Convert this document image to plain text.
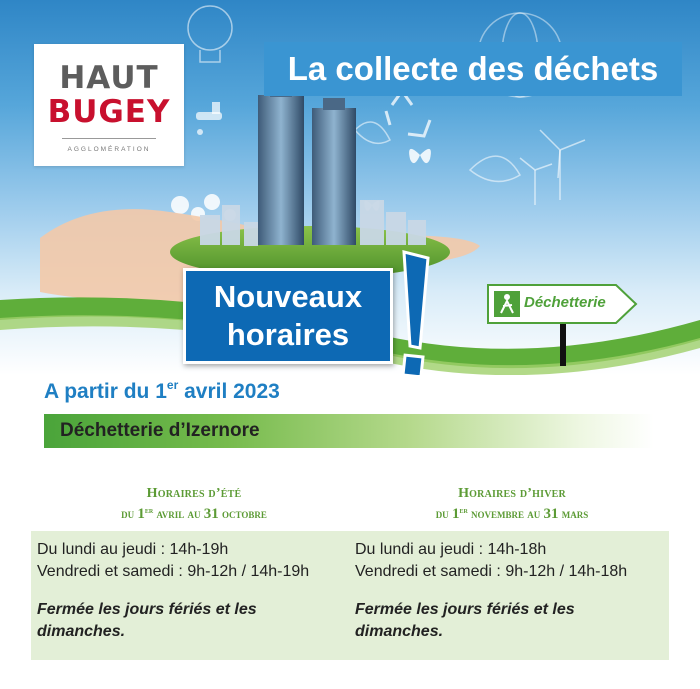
HAUT
BUGEY
AGGLOMÉRATION
La collecte des déchets
Nouveaux
horaires
Déchetterie
A partir du 1er avril 2023
Déchetterie d’Izernore
Horaires d’été
du 1er avril au 31 octobre
Horaires d’hiver
du 1er novembre au 31 mars
Du lundi au jeudi : 14h-19h
Vendredi et samedi : 9h-12h / 14h-19h
Fermée les jours fériés et les dimanches.
Du lundi au jeudi : 14h-18h
Vendredi et samedi : 9h-12h / 14h-18h
Fermée les jours fériés et les dimanches.
